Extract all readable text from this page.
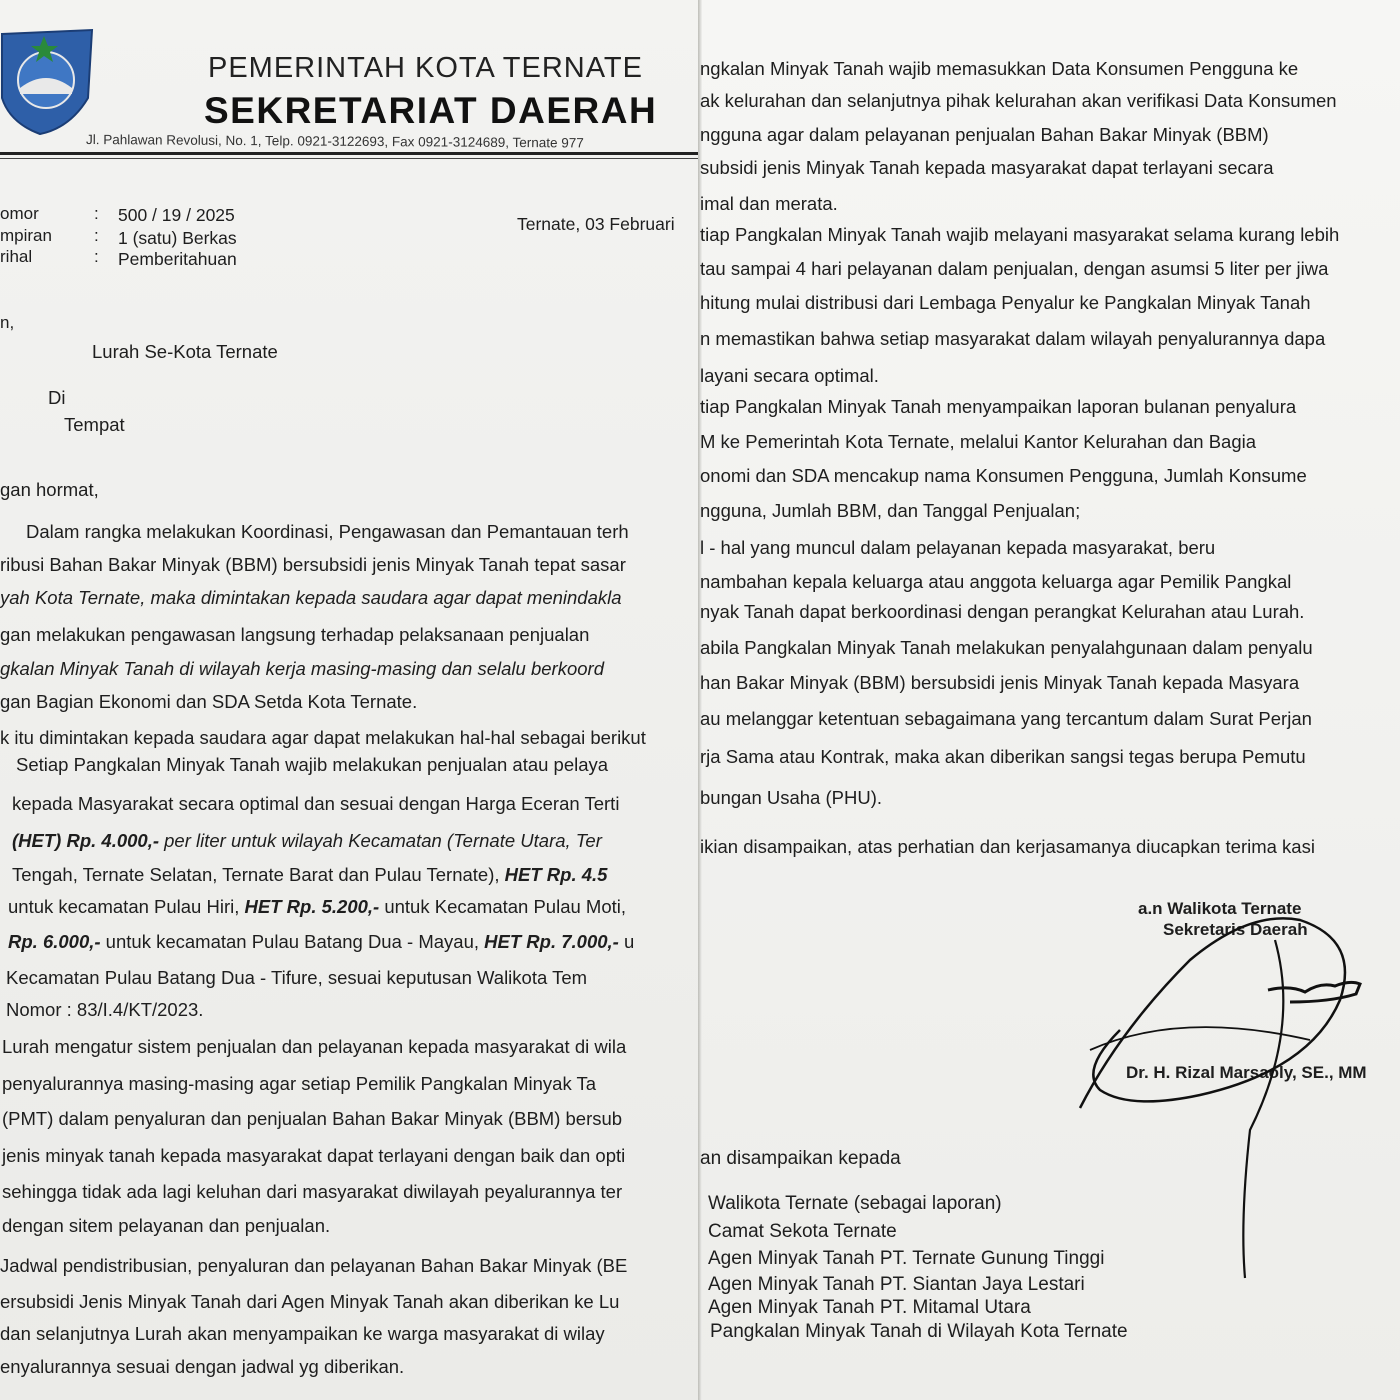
PEMERINTAH KOTA TERNATE
SEKRETARIAT DAERAH
Jl. Pahlawan Revolusi, No. 1, Telp. 0921-3122693, Fax 0921-3124689, Ternate 977
omor	: 500 / 19 / 2025
mpiran : 1 (satu) Berkas
rihal	: Pemberitahuan
Ternate, 03 Februari
n,
Lurah Se-Kota Ternate
Di
Tempat
gan hormat,
Dalam rangka melakukan Koordinasi, Pengawasan dan Pemantauan terh
ribusi Bahan Bakar Minyak (BBM) bersubsidi jenis Minyak Tanah tepat sasar
yah Kota Ternate, maka dimintakan kepada saudara agar dapat menindakla
gan melakukan pengawasan langsung terhadap pelaksanaan penjualan
gkalan Minyak Tanah di wilayah kerja masing-masing dan selalu berkoord
gan Bagian Ekonomi dan SDA Setda Kota Ternate.
k itu dimintakan kepada saudara agar dapat melakukan hal-hal sebagai berikut
Setiap Pangkalan Minyak Tanah wajib melakukan penjualan atau pelaya
kepada Masyarakat secara optimal dan sesuai dengan Harga Eceran Terti
(HET) Rp. 4.000,- per liter untuk wilayah Kecamatan (Ternate Utara, Ter
Tengah, Ternate Selatan, Ternate Barat dan Pulau Ternate), HET Rp. 4.5
untuk kecamatan Pulau Hiri, HET Rp. 5.200,- untuk Kecamatan Pulau Moti,
Rp. 6.000,- untuk kecamatan Pulau Batang Dua - Mayau, HET Rp. 7.000,- u
Kecamatan Pulau Batang Dua - Tifure, sesuai keputusan Walikota Tem
Nomor : 83/I.4/KT/2023.
Lurah mengatur sistem penjualan dan pelayanan kepada masyarakat di wila
penyalurannya masing-masing agar setiap Pemilik Pangkalan Minyak Ta
(PMT) dalam penyaluran dan penjualan Bahan Bakar Minyak (BBM) bersub
jenis minyak tanah kepada masyarakat dapat terlayani dengan baik dan opti
sehingga tidak ada lagi keluhan dari masyarakat diwilayah peyalurannya ter
dengan sitem pelayanan dan penjualan.
Jadwal pendistribusian, penyaluran dan pelayanan Bahan Bakar Minyak (BE
ersubsidi Jenis Minyak Tanah dari Agen Minyak Tanah akan diberikan ke Lu
dan selanjutnya Lurah akan menyampaikan ke warga masyarakat di wilay
enyalurannya sesuai dengan jadwal yg diberikan.
ngkalan Minyak Tanah wajib memasukkan Data Konsumen Pengguna ke
ak kelurahan dan selanjutnya pihak kelurahan akan verifikasi Data Konsumen
ngguna agar dalam pelayanan penjualan Bahan Bakar Minyak (BBM)
subsidi jenis Minyak Tanah kepada masyarakat dapat terlayani secara
imal dan merata.
tiap Pangkalan Minyak Tanah wajib melayani masyarakat selama kurang lebih
tau sampai 4 hari pelayanan dalam penjualan, dengan asumsi 5 liter per jiwa
hitung mulai distribusi dari Lembaga Penyalur ke Pangkalan Minyak Tanah
n memastikan bahwa setiap masyarakat dalam wilayah penyalurannya dapa
layani secara optimal.
tiap Pangkalan Minyak Tanah menyampaikan laporan bulanan penyalura
M ke Pemerintah Kota Ternate, melalui Kantor Kelurahan dan Bagia
onomi dan SDA mencakup nama Konsumen Pengguna, Jumlah Konsume
ngguna, Jumlah BBM, dan Tanggal Penjualan;
l - hal yang muncul dalam pelayanan kepada masyarakat, beru
nambahan kepala keluarga atau anggota keluarga agar Pemilik Pangkal
nyak Tanah dapat berkoordinasi dengan perangkat Kelurahan atau Lurah.
abila Pangkalan Minyak Tanah melakukan penyalahgunaan dalam penyalu
han Bakar Minyak (BBM) bersubsidi jenis Minyak Tanah kepada Masyara
au melanggar ketentuan sebagaimana yang tercantum dalam Surat Perjan
rja Sama atau Kontrak, maka akan diberikan sangsi tegas berupa Pemutu
bungan Usaha (PHU).
ikian disampaikan, atas perhatian dan kerjasamanya diucapkan terima kasi
a.n Walikota Ternate
Sekretaris Daerah
Dr. H. Rizal Marsaoly, SE., MM
an disampaikan kepada
Walikota Ternate (sebagai laporan)
Camat Sekota Ternate
Agen Minyak Tanah PT. Ternate Gunung Tinggi
Agen Minyak Tanah PT. Siantan Jaya Lestari
Agen Minyak Tanah PT. Mitamal Utara
Pangkalan Minyak Tanah di Wilayah Kota Ternate
